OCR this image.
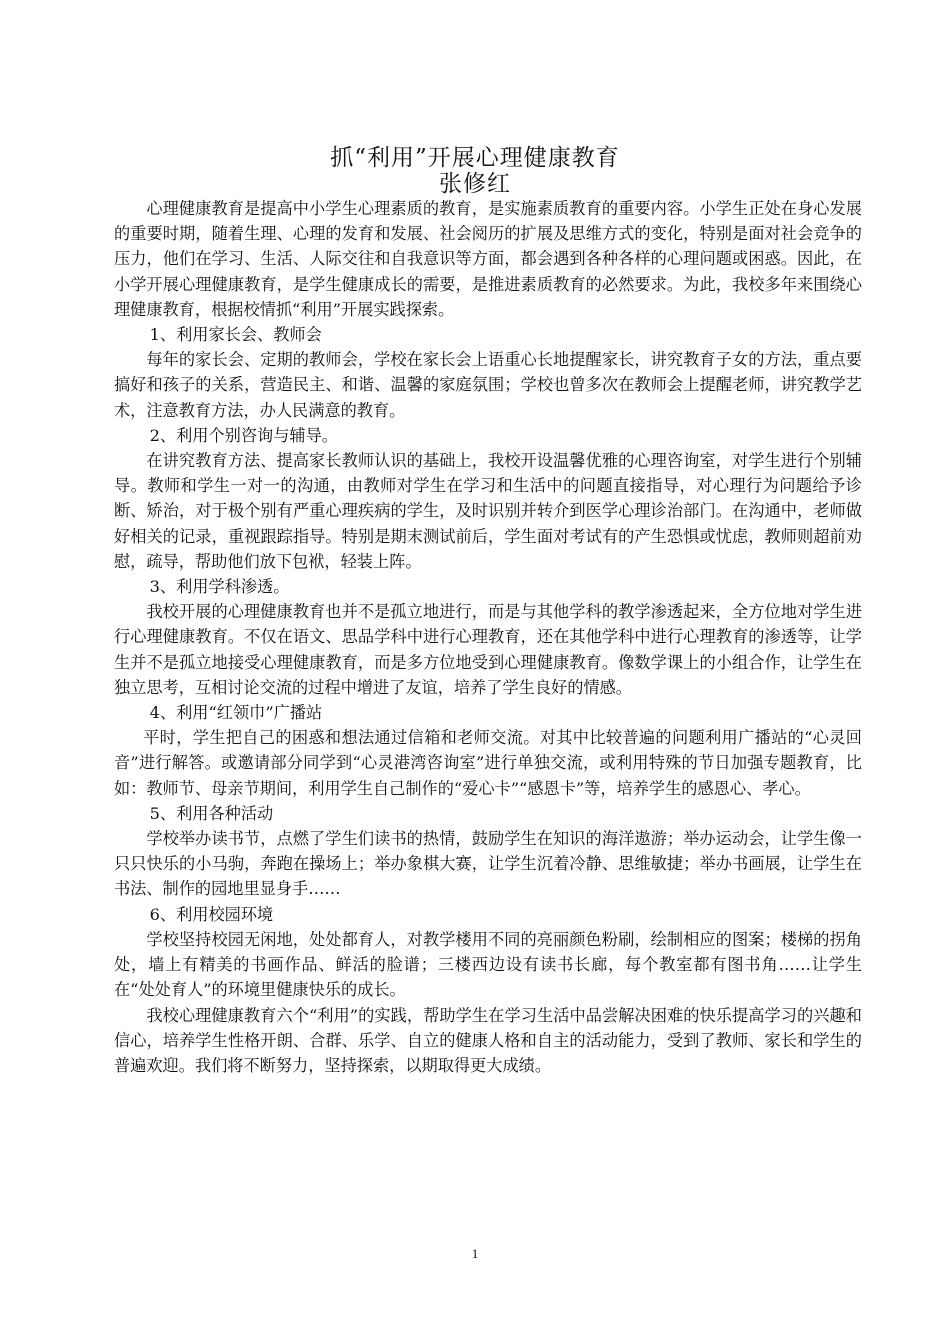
抓“利用”开展心理健康教育
张修红

心理健康教育是提高中小学生心理素质的教育，是实施素质教育的重要内容。小学生正处在身心发展的重要时期，随着生理、心理的发育和发展、社会阅历的扩展及思维方式的变化，特别是面对社会竞争的压力，他们在学习、生活、人际交往和自我意识等方面，都会遇到各种各样的心理问题或困惑。因此，在小学开展心理健康教育，是学生健康成长的需要，是推进素质教育的必然要求。为此，我校多年来围绕心理健康教育，根据校情抓“利用”开展实践探索。

1、利用家长会、教师会

每年的家长会、定期的教师会，学校在家长会上语重心长地提醒家长，讲究教育子女的方法，重点要搞好和孩子的关系，营造民主、和谐、温馨的家庭氛围；学校也曾多次在教师会上提醒老师，讲究教学艺术，注意教育方法，办人民满意的教育。

2、利用个别咨询与辅导。

在讲究教育方法、提高家长教师认识的基础上，我校开设温馨优雅的心理咨询室，对学生进行个别辅导。教师和学生一对一的沟通，由教师对学生在学习和生活中的问题直接指导，对心理行为问题给予诊断、矫治，对于极个别有严重心理疾病的学生，及时识别并转介到医学心理诊治部门。在沟通中，老师做好相关的记录，重视跟踪指导。特别是期末测试前后，学生面对考试有的产生恐惧或忧虑，教师则超前劝慰，疏导，帮助他们放下包袱，轻装上阵。

3、利用学科渗透。

我校开展的心理健康教育也并不是孤立地进行，而是与其他学科的教学渗透起来，全方位地对学生进行心理健康教育。不仅在语文、思品学科中进行心理教育，还在其他学科中进行心理教育的渗透等，让学生并不是孤立地接受心理健康教育，而是多方位地受到心理健康教育。像数学课上的小组合作，让学生在独立思考，互相讨论交流的过程中增进了友谊，培养了学生良好的情感。

4、利用“红领巾”广播站

平时，学生把自己的困惑和想法通过信箱和老师交流。对其中比较普遍的问题利用广播站的“心灵回音”进行解答。或邀请部分同学到“心灵港湾咨询室”进行单独交流，或利用特殊的节日加强专题教育，比如：教师节、母亲节期间，利用学生自己制作的“爱心卡”“感恩卡”等，培养学生的感恩心、孝心。

5、利用各种活动

学校举办读书节，点燃了学生们读书的热情，鼓励学生在知识的海洋遨游；举办运动会，让学生像一只只快乐的小马驹，奔跑在操场上；举办象棋大赛，让学生沉着冷静、思维敏捷；举办书画展，让学生在书法、制作的园地里显身手……

6、利用校园环境

学校坚持校园无闲地，处处都育人，对教学楼用不同的亮丽颜色粉刷，绘制相应的图案；楼梯的拐角处，墙上有精美的书画作品、鲜活的脸谱；三楼西边设有读书长廊，每个教室都有图书角……让学生在“处处育人”的环境里健康快乐的成长。

我校心理健康教育六个“利用”的实践，帮助学生在学习生活中品尝解决困难的快乐提高学习的兴趣和信心，培养学生性格开朗、合群、乐学、自立的健康人格和自主的活动能力，受到了教师、家长和学生的普遍欢迎。我们将不断努力，坚持探索，以期取得更大成绩。

1
